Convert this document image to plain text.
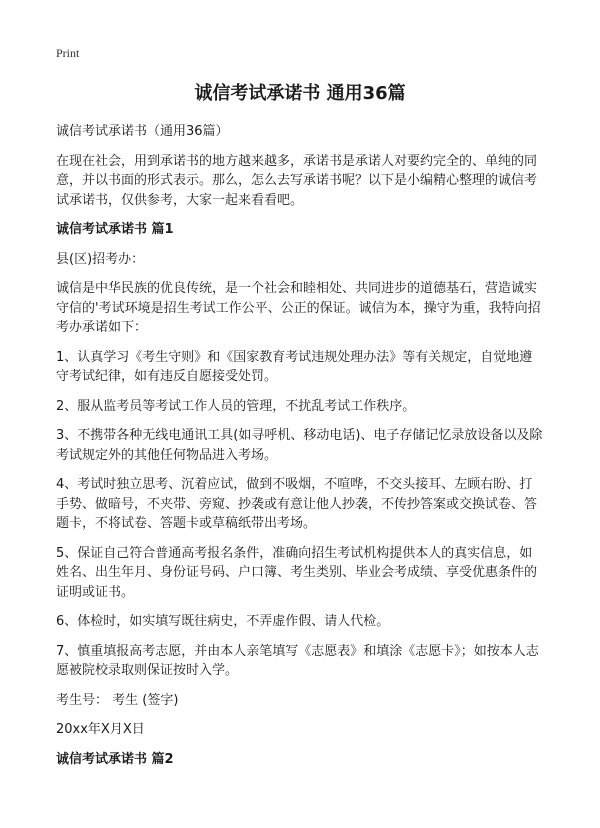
Print
诚信考试承诺书 通用36篇
诚信考试承诺书（通用36篇）
在现在社会，用到承诺书的地方越来越多，承诺书是承诺人对要约完全的、单纯的同意，并以书面的形式表示。那么，怎么去写承诺书呢？以下是小编精心整理的诚信考试承诺书，仅供参考，大家一起来看看吧。
诚信考试承诺书 篇1
县(区)招考办：
诚信是中华民族的优良传统，是一个社会和睦相处、共同进步的道德基石，营造诚实守信的'考试环境是招生考试工作公平、公正的保证。诚信为本，操守为重，我特向招考办承诺如下：
1、认真学习《考生守则》和《国家教育考试违规处理办法》等有关规定，自觉地遵守考试纪律，如有违反自愿接受处罚。
2、服从监考员等考试工作人员的管理，不扰乱考试工作秩序。
3、不携带各种无线电通讯工具(如寻呼机、移动电话)、电子存储记忆录放设备以及除考试规定外的其他任何物品进入考场。
4、考试时独立思考、沉着应试，做到不吸烟，不喧哗，不交头接耳、左顾右盼、打手势、做暗号，不夹带、旁窥、抄袭或有意让他人抄袭，不传抄答案或交换试卷、答题卡，不将试卷、答题卡或草稿纸带出考场。
5、保证自己符合普通高考报名条件，准确向招生考试机构提供本人的真实信息，如姓名、出生年月、身份证号码、户口簿、考生类别、毕业会考成绩、享受优惠条件的证明或证书。
6、体检时，如实填写既往病史，不弄虚作假、请人代检。
7、慎重填报高考志愿，并由本人亲笔填写《志愿表》和填涂《志愿卡》；如按本人志愿被院校录取则保证按时入学。
考生号： 考生 (签字)
20xx年X月X日
诚信考试承诺书 篇2
